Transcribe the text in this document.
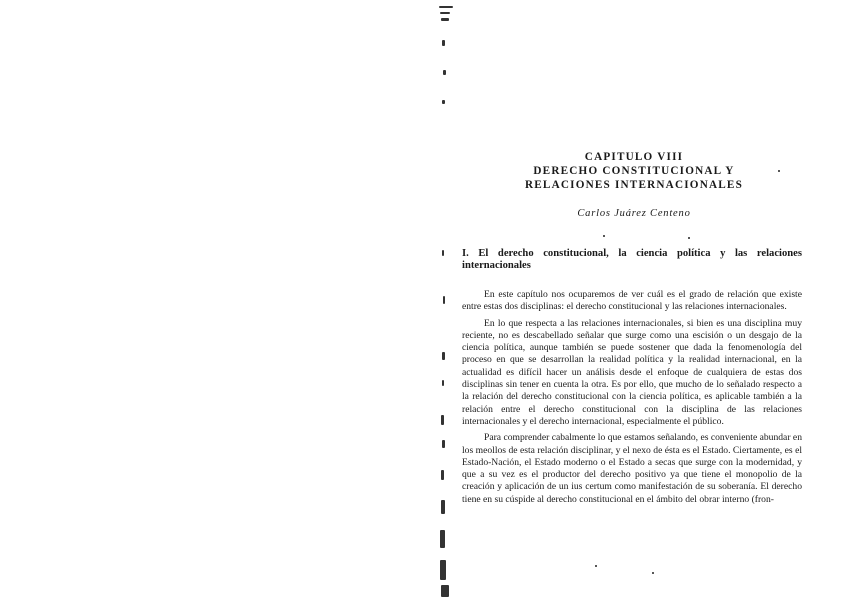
CAPITULO VIII
DERECHO CONSTITUCIONAL Y
RELACIONES INTERNACIONALES
Carlos Juárez Centeno
I. El derecho constitucional, la ciencia política y las relaciones internacionales

En este capítulo nos ocuparemos de ver cuál es el grado de relación que existe entre estas dos disciplinas: el derecho constitucional y las relaciones internacionales.

En lo que respecta a las relaciones internacionales, si bien es una disciplina muy reciente, no es descabellado señalar que surge como una escisión o un desgajo de la ciencia política, aunque también se puede sostener que dada la fenomenología del proceso en que se desarrollan la realidad política y la realidad internacional, en la actualidad es difícil hacer un análisis desde el enfoque de cualquiera de estas dos disciplinas sin tener en cuenta la otra. Es por ello, que mucho de lo señalado respecto a la relación del derecho constitucional con la ciencia política, es aplicable también a la relación entre el derecho constitucional con la disciplina de las relaciones internacionales y el derecho internacional, especialmente el público.

Para comprender cabalmente lo que estamos señalando, es conveniente abundar en los meollos de esta relación disciplinar, y el nexo de ésta es el Estado. Ciertamente, es el Estado-Nación, el Estado moderno o el Estado a secas que surge con la modernidad, y que a su vez es el productor del derecho positivo ya que tiene el monopolio de la creación y aplicación de un ius certum como manifestación de su soberanía. El derecho tiene en su cúspide al derecho constitucional en el ámbito del obrar interno (fron-
